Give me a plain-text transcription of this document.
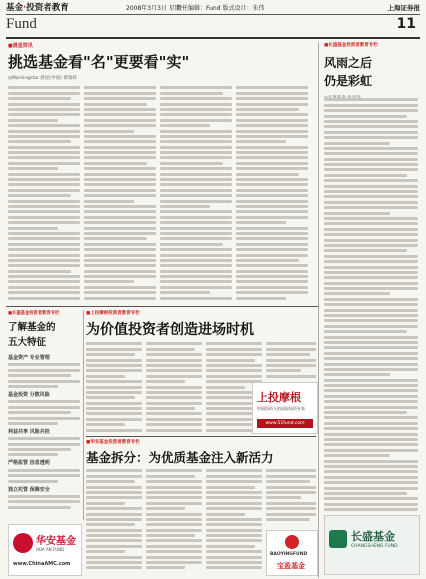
基金·投资者教育	2008年3月3日 星期一
责任编辑：Fund 版式设计：朱伟	上海证券报
Fund	11
■晨星资讯
挑选基金看"名"更要看"实"
◎Morningstar 晨星(中国) 黄瑞莉
■长盛基金投资者教育专栏
风雨之后
仍是彩虹
长盛基金
CHANGSHENG FUND
■长盛基金投资者教育专栏
了解基金的
五大特征
基金资产 专业管理
基金投资 分散风险
利益共享 风险共担
严格监管 信息透明
独立托管 保障安全
华安基金
HUA AN FUND
www.ChinaAMC.com
■上投摩根投资者教育专栏
为价值投资者创造进场时机
上投摩根
中国投资人的国际投资专家
www.51fund.com
■华安基金投资者教育专栏
基金拆分：为优质基金注入新活力
BAOYINGFUND
宝盈基金
